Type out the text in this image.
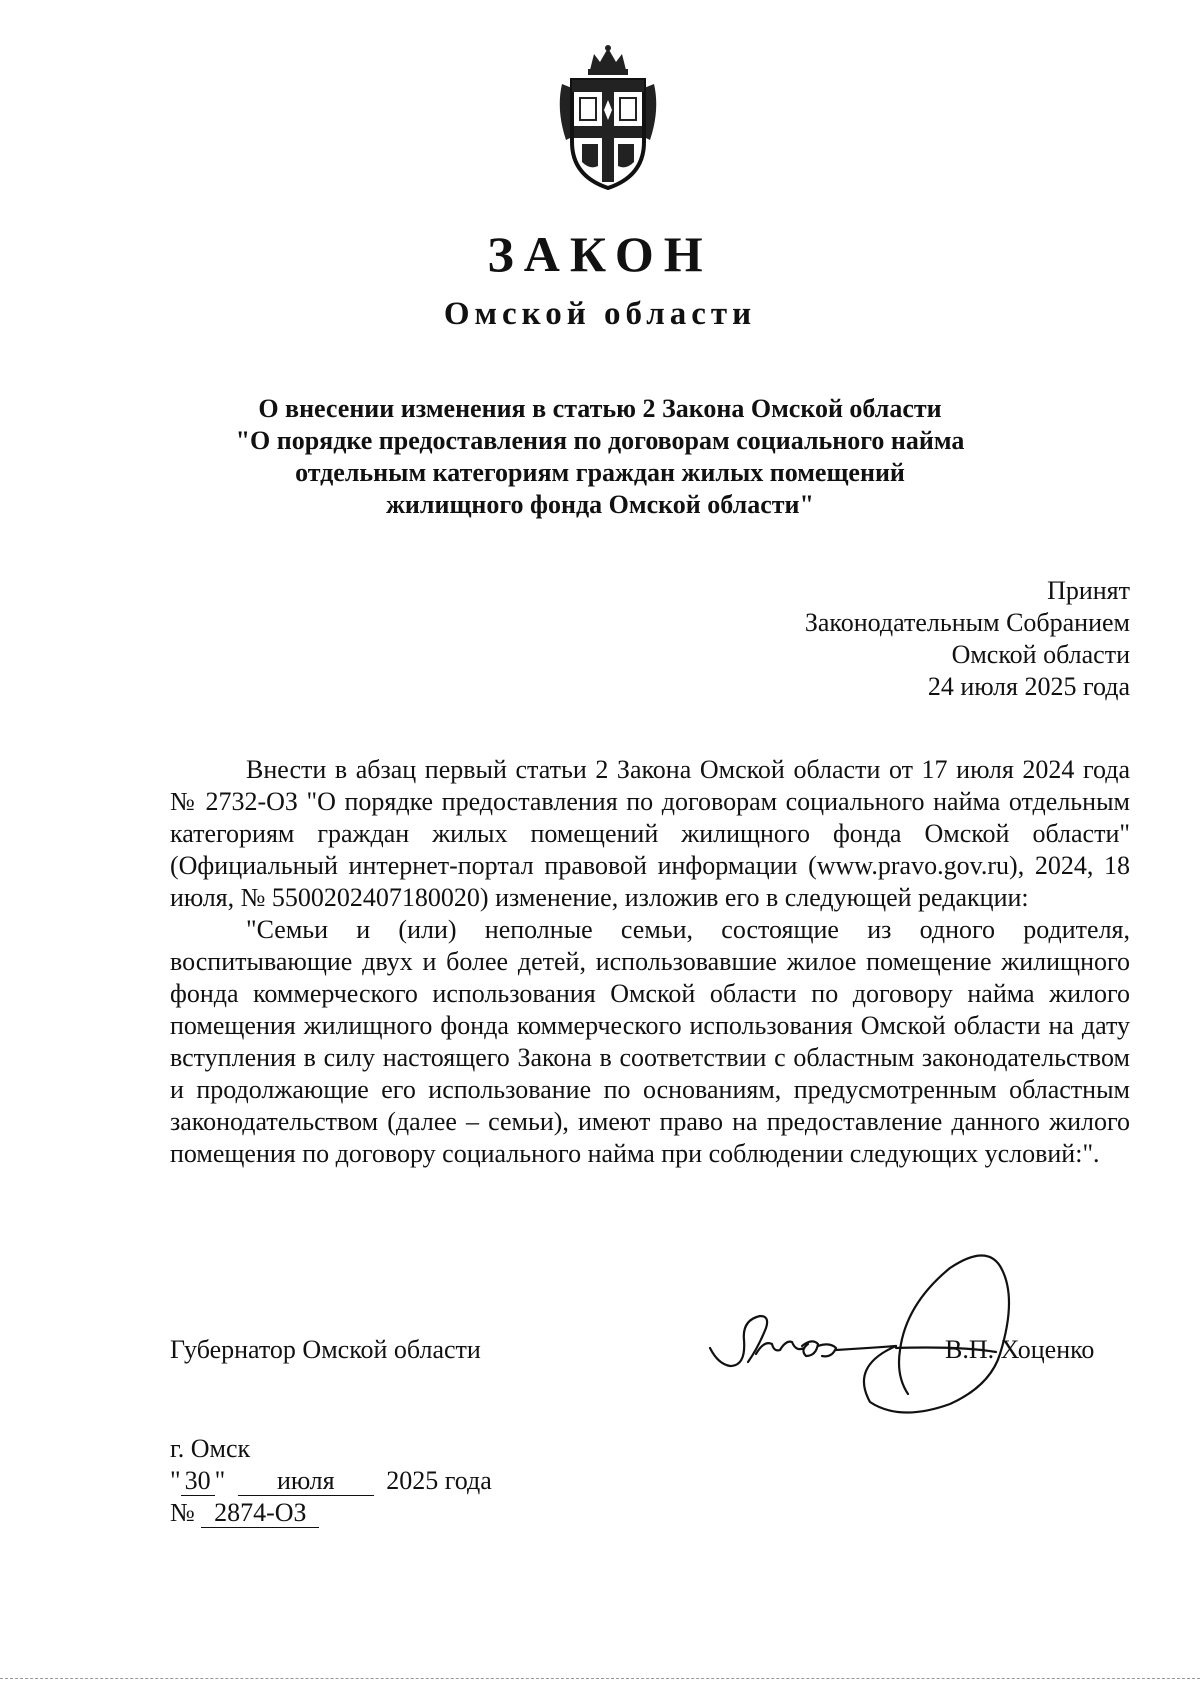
ЗАКОН
Омской области
О внесении изменения в статью 2 Закона Омской области
"О порядке предоставления по договорам социального найма
отдельным категориям граждан жилых помещений
жилищного фонда Омской области"
Принят
Законодательным Собранием
Омской области
24 июля 2025 года

Внести в абзац первый статьи 2 Закона Омской области от 17 июля 2024 года № 2732-ОЗ "О порядке предоставления по договорам социального найма отдельным категориям граждан жилых помещений жилищного фонда Омской области" (Официальный интернет-портал правовой информации (www.pravo.gov.ru), 2024, 18 июля, № 5500202407180020) изменение, изложив его в следующей редакции:

"Семьи и (или) неполные семьи, состоящие из одного родителя, воспитывающие двух и более детей, использовавшие жилое помещение жилищного фонда коммерческого использования Омской области по договору найма жилого помещения жилищного фонда коммерческого использования Омской области на дату вступления в силу настоящего Закона в соответствии с областным законодательством и продолжающие его использование по основаниям, предусмотренным областным законодательством (далее – семьи), имеют право на предоставление данного жилого помещения по договору социального найма при соблюдении следующих условий:".

Губернатор Омской области	В.П. Хоценко
г. Омск
" 30 " июля 2025 года
№ 2874-ОЗ
